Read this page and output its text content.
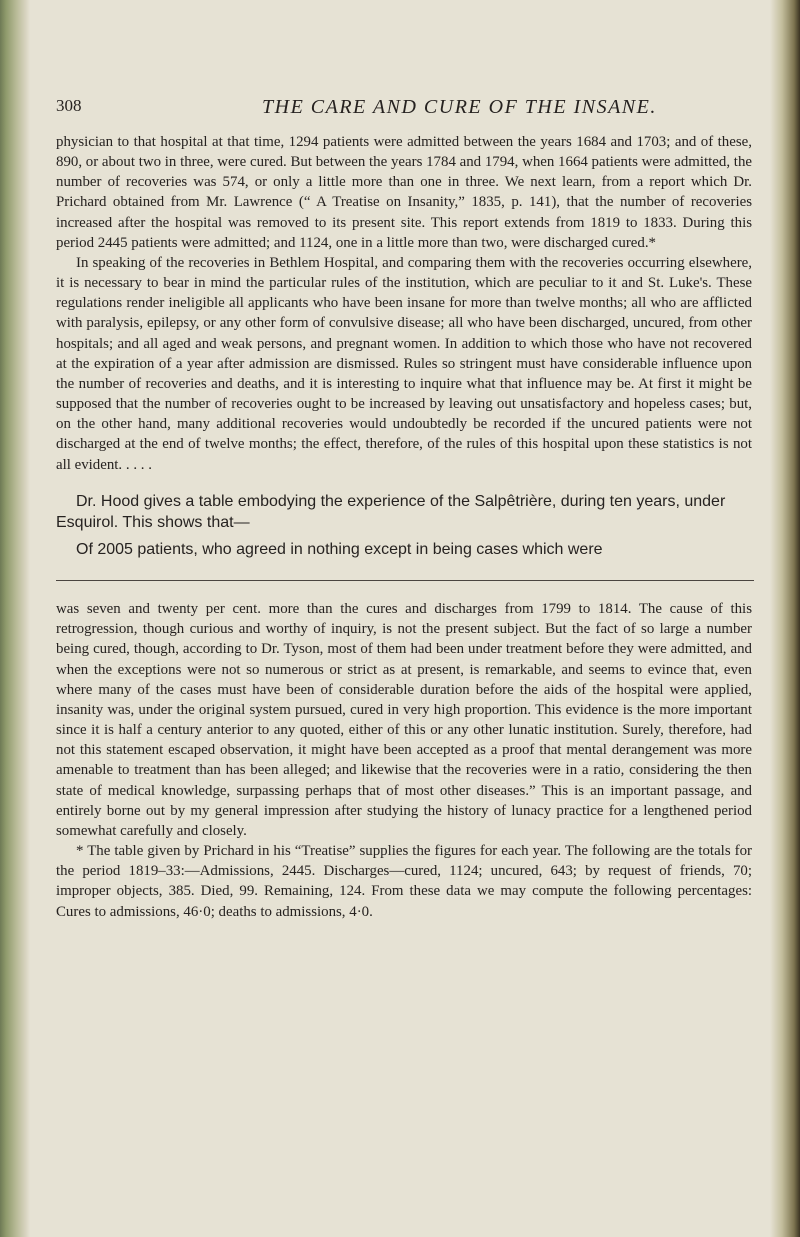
308	THE CARE AND CURE OF THE INSANE.

physician to that hospital at that time, 1294 patients were admitted between the years 1684 and 1703; and of these, 890, or about two in three, were cured. But between the years 1784 and 1794, when 1664 patients were admitted, the number of recoveries was 574, or only a little more than one in three. We next learn, from a report which Dr. Prichard obtained from Mr. Lawrence (“ A Treatise on Insanity,” 1835, p. 141), that the number of recoveries increased after the hospital was removed to its present site. This report extends from 1819 to 1833. During this period 2445 patients were admitted; and 1124, one in a little more than two, were discharged cured.*

In speaking of the recoveries in Bethlem Hospital, and comparing them with the recoveries occurring elsewhere, it is necessary to bear in mind the particular rules of the institution, which are peculiar to it and St. Luke's. These regulations render ineligible all applicants who have been insane for more than twelve months; all who are afflicted with paralysis, epilepsy, or any other form of convulsive disease; all who have been discharged, uncured, from other hospitals; and all aged and weak persons, and pregnant women. In addition to which those who have not recovered at the expiration of a year after admission are dismissed. Rules so stringent must have considerable influence upon the number of recoveries and deaths, and it is interesting to inquire what that influence may be. At first it might be supposed that the number of recoveries ought to be increased by leaving out unsatisfactory and hopeless cases; but, on the other hand, many additional recoveries would undoubtedly be recorded if the uncured patients were not discharged at the end of twelve months; the effect, therefore, of the rules of this hospital upon these statistics is not all evident. . . . .

Dr. Hood gives a table embodying the experience of the Salpêtrière, during ten years, under Esquirol. This shows that—

Of 2005 patients, who agreed in nothing except in being cases which were

was seven and twenty per cent. more than the cures and discharges from 1799 to 1814. The cause of this retrogression, though curious and worthy of inquiry, is not the present subject. But the fact of so large a number being cured, though, according to Dr. Tyson, most of them had been under treatment before they were admitted, and when the exceptions were not so numerous or strict as at present, is remarkable, and seems to evince that, even where many of the cases must have been of considerable duration before the aids of the hospital were applied, insanity was, under the original system pursued, cured in very high proportion. This evidence is the more important since it is half a century anterior to any quoted, either of this or any other lunatic institution. Surely, therefore, had not this statement escaped observation, it might have been accepted as a proof that mental derangement was more amenable to treatment than has been alleged; and likewise that the recoveries were in a ratio, considering the then state of medical knowledge, surpassing perhaps that of most other diseases.” This is an important passage, and entirely borne out by my general impression after studying the history of lunacy practice for a lengthened period somewhat carefully and closely.

* The table given by Prichard in his “Treatise” supplies the figures for each year. The following are the totals for the period 1819–33:—Admissions, 2445. Discharges—cured, 1124; uncured, 643; by request of friends, 70; improper objects, 385. Died, 99. Remaining, 124. From these data we may compute the following percentages: Cures to admissions, 46·0; deaths to admissions, 4·0.
